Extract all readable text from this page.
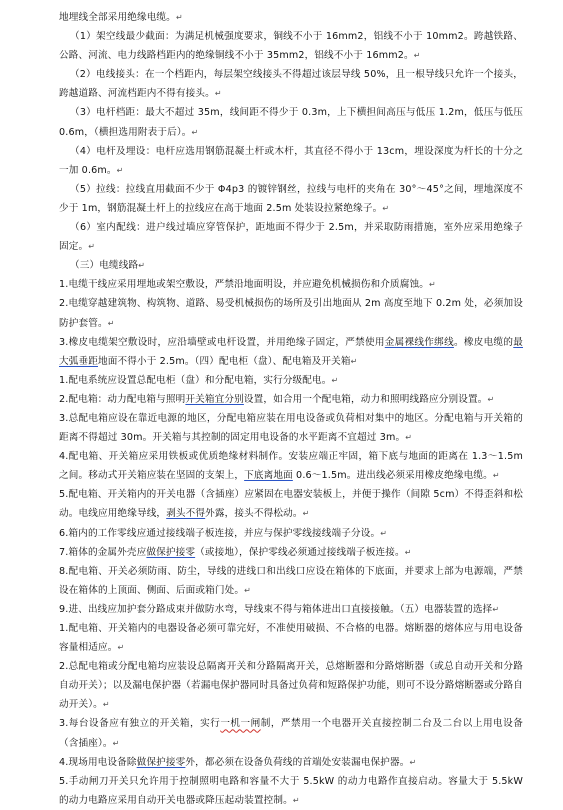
地埋线全部采用绝缘电缆。↵

（1）架空线最少截面：为满足机械强度要求，铜线不小于 16mm2，铝线不小于 10mm2。跨越铁路、公路、河流、电力线路档距内的绝缘铜线不小于 35mm2，铝线不小于 16mm2。↵

（2）电线接头：在一个档距内，每层架空线接头不得超过该层导线 50%，且一根导线只允许一个接头，跨越道路、河流档距内不得有接头。↵

（3）电杆档距：最大不超过 35m，线间距不得少于 0.3m，上下横担间高压与低压 1.2m，低压与低压 0.6m，（横担选用附表于后）。↵

（4）电杆及埋设：电杆应选用钢筋混凝土杆或木杆，其直径不得小于 13cm，埋设深度为杆长的十分之一加 0.6m。↵

（5）拉线：拉线直用截面不少于 Φ4p3 的镀锌钢丝，拉线与电杆的夹角在 30°～45°之间，埋地深度不少于 1m，钢筋混凝土杆上的拉线应在高于地面 2.5m 处装设拉紧绝缘子。↵

（6）室内配线：进户线过墙应穿管保护，距地面不得少于 2.5m，并采取防雨措施，室外应采用绝缘子固定。↵

（三）电缆线路↵

1.电缆干线应采用埋地或架空敷设，严禁沿地面明设，并应避免机械损伤和介质腐蚀。↵

2.电缆穿越建筑物、构筑物、道路、易受机械损伤的场所及引出地面从 2m 高度至地下 0.2m 处，必须加设防护套管。↵

3.橡皮电缆架空敷设时，应沿墙壁或电杆设置，并用绝缘子固定，严禁使用金属裸线作绑线。橡皮电缆的最大弧垂距地面不得小于 2.5m。（四）配电柜（盘）、配电箱及开关箱↵

1.配电系统应设置总配电柜（盘）和分配电箱，实行分级配电。↵

2.配电箱：动力配电箱与照明开关箱宜分别设置，如合用一个配电箱，动力和照明线路应分别设置。↵

3.总配电箱应设在靠近电源的地区，分配电箱应装在用电设备或负荷相对集中的地区。分配电箱与开关箱的距离不得超过 30m。开关箱与其控制的固定用电设备的水平距离不宜超过 3m。↵

4.配电箱、开关箱应采用铁板或优质绝缘材料制作。安装应端正牢固，箱下底与地面的距离在 1.3～1.5m 之间。移动式开关箱应装在坚固的支架上，下底离地面 0.6～1.5m。进出线必须采用橡皮绝缘电缆。↵

5.配电箱、开关箱内的开关电器（含插座）应紧固在电器安装板上，并便于操作（间隙 5cm）不得歪斜和松动。电线应用绝缘导线，剥头不得外露，接头不得松动。↵

6.箱内的工作零线应通过接线端子板连接，并应与保护零线接线端子分设。↵

7.箱体的金属外壳应做保护接零（或接地），保护零线必须通过接线端子板连接。↵

8.配电箱、开关必须防雨、防尘，导线的进线口和出线口应设在箱体的下底面，并要求上部为电源端，严禁设在箱体的上顶面、侧面、后面或箱门处。↵

9.进、出线应加护套分路成束并做防水弯，导线束不得与箱体进出口直接接触。（五）电器装置的选择↵

1.配电箱、开关箱内的电器设备必须可靠完好，不准使用破损、不合格的电器。熔断器的熔体应与用电设备容量相适应。↵

2.总配电箱或分配电箱均应装设总隔离开关和分路隔离开关，总熔断器和分路熔断器（或总自动开关和分路自动开关）；以及漏电保护器（若漏电保护器同时具备过负荷和短路保护功能，则可不设分路熔断器或分路自动开关）。↵

3.每台设备应有独立的开关箱，实行一机一闸制，严禁用一个电器开关直接控制二台及二台以上用电设备（含插座）。↵

4.现场用电设备除做保护接零外，都必须在设备负荷线的首端处安装漏电保护器。↵

5.手动闸刀开关只允许用于控制照明电路和容量不大于 5.5kW 的动力电路作直接启动。容量大于 5.5kW 的动力电路应采用自动开关电器或降压起动装置控制。↵
